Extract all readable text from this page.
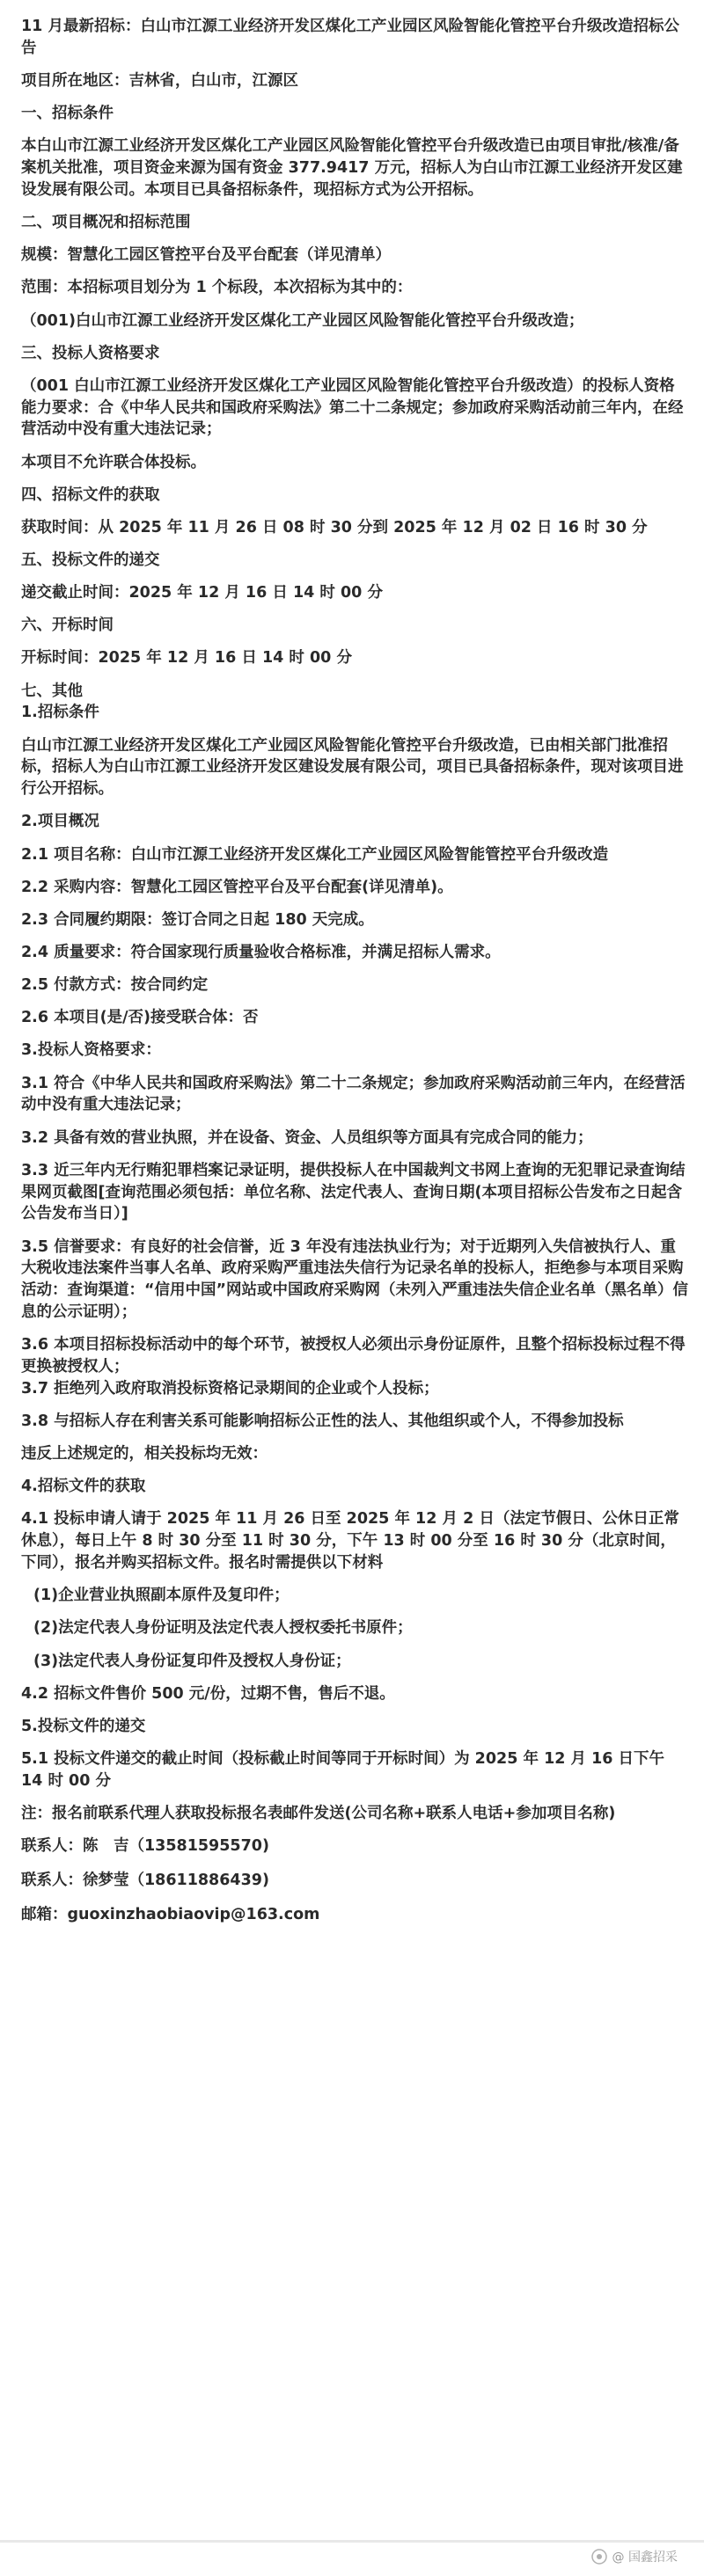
11 月最新招标：白山市江源工业经济开发区煤化工产业园区风险智能化管控平台升级改造招标公告

项目所在地区：吉林省，白山市，江源区

一、招标条件

本白山市江源工业经济开发区煤化工产业园区风险智能化管控平台升级改造已由项目审批/核准/备案机关批准，项目资金来源为国有资金 377.9417 万元，招标人为白山市江源工业经济开发区建设发展有限公司。本项目已具备招标条件，现招标方式为公开招标。

二、项目概况和招标范围

规模：智慧化工园区管控平台及平台配套（详见清单）

范围：本招标项目划分为 1 个标段，本次招标为其中的：

（001)白山市江源工业经济开发区煤化工产业园区风险智能化管控平台升级改造；

三、投标人资格要求

（001 白山市江源工业经济开发区煤化工产业园区风险智能化管控平台升级改造）的投标人资格能力要求：合《中华人民共和国政府采购法》第二十二条规定；参加政府采购活动前三年内，在经营活动中没有重大违法记录；

本项目不允许联合体投标。

四、招标文件的获取

获取时间：从 2025 年 11 月 26 日 08 时 30 分到 2025 年 12 月 02 日 16 时 30 分

五、投标文件的递交

递交截止时间：2025 年 12 月 16 日 14 时 00 分

六、开标时间

开标时间：2025 年 12 月 16 日 14 时 00 分

七、其他

1.招标条件

白山市江源工业经济开发区煤化工产业园区风险智能化管控平台升级改造，已由相关部门批准招标，招标人为白山市江源工业经济开发区建设发展有限公司，项目已具备招标条件，现对该项目进行公开招标。

2.项目概况

2.1 项目名称：白山市江源工业经济开发区煤化工产业园区风险智能管控平台升级改造

2.2 采购内容：智慧化工园区管控平台及平台配套(详见清单)。

2.3 合同履约期限：签订合同之日起 180 天完成。

2.4 质量要求：符合国家现行质量验收合格标准，并满足招标人需求。

2.5 付款方式：按合同约定

2.6 本项目(是/否)接受联合体：否

3.投标人资格要求：

3.1 符合《中华人民共和国政府采购法》第二十二条规定；参加政府采购活动前三年内，在经营活动中没有重大违法记录；

3.2 具备有效的营业执照，并在设备、资金、人员组织等方面具有完成合同的能力；

3.3 近三年内无行贿犯罪档案记录证明，提供投标人在中国裁判文书网上查询的无犯罪记录查询结果网页截图[查询范围必须包括：单位名称、法定代表人、查询日期(本项目招标公告发布之日起含公告发布当日）]

3.5 信誉要求：有良好的社会信誉，近 3 年没有违法执业行为；对于近期列入失信被执行人、重大税收违法案件当事人名单、政府采购严重违法失信行为记录名单的投标人，拒绝参与本项目采购活动：查询渠道：“信用中国”网站或中国政府采购网（未列入严重违法失信企业名单（黑名单）信息的公示证明）；

3.6 本项目招标投标活动中的每个环节，被授权人必须出示身份证原件，且整个招标投标过程不得更换被授权人；

3.7 拒绝列入政府取消投标资格记录期间的企业或个人投标；

3.8 与招标人存在利害关系可能影响招标公正性的法人、其他组织或个人，不得参加投标

违反上述规定的，相关投标均无效：

4.招标文件的获取

4.1 投标申请人请于 2025 年 11 月 26 日至 2025 年 12 月 2 日（法定节假日、公休日正常休息），每日上午 8 时 30 分至 11 时 30 分，下午 13 时 00 分至 16 时 30 分（北京时间，下同），报名并购买招标文件。报名时需提供以下材料

(1)企业营业执照副本原件及复印件；

(2)法定代表人身份证明及法定代表人授权委托书原件；

(3)法定代表人身份证复印件及授权人身份证；

4.2 招标文件售价 500 元/份，过期不售，售后不退。

5.投标文件的递交

5.1 投标文件递交的截止时间（投标截止时间等同于开标时间）为 2025 年 12 月 16 日下午 14 时 00 分

注：报名前联系代理人获取投标报名表邮件发送(公司名称+联系人电话+参加项目名称)

联系人： 陈　吉（13581595570)
联系人： 徐梦莹（18611886439)
邮箱： guoxinzhaobiaovip@163.com
@ 国鑫招采
